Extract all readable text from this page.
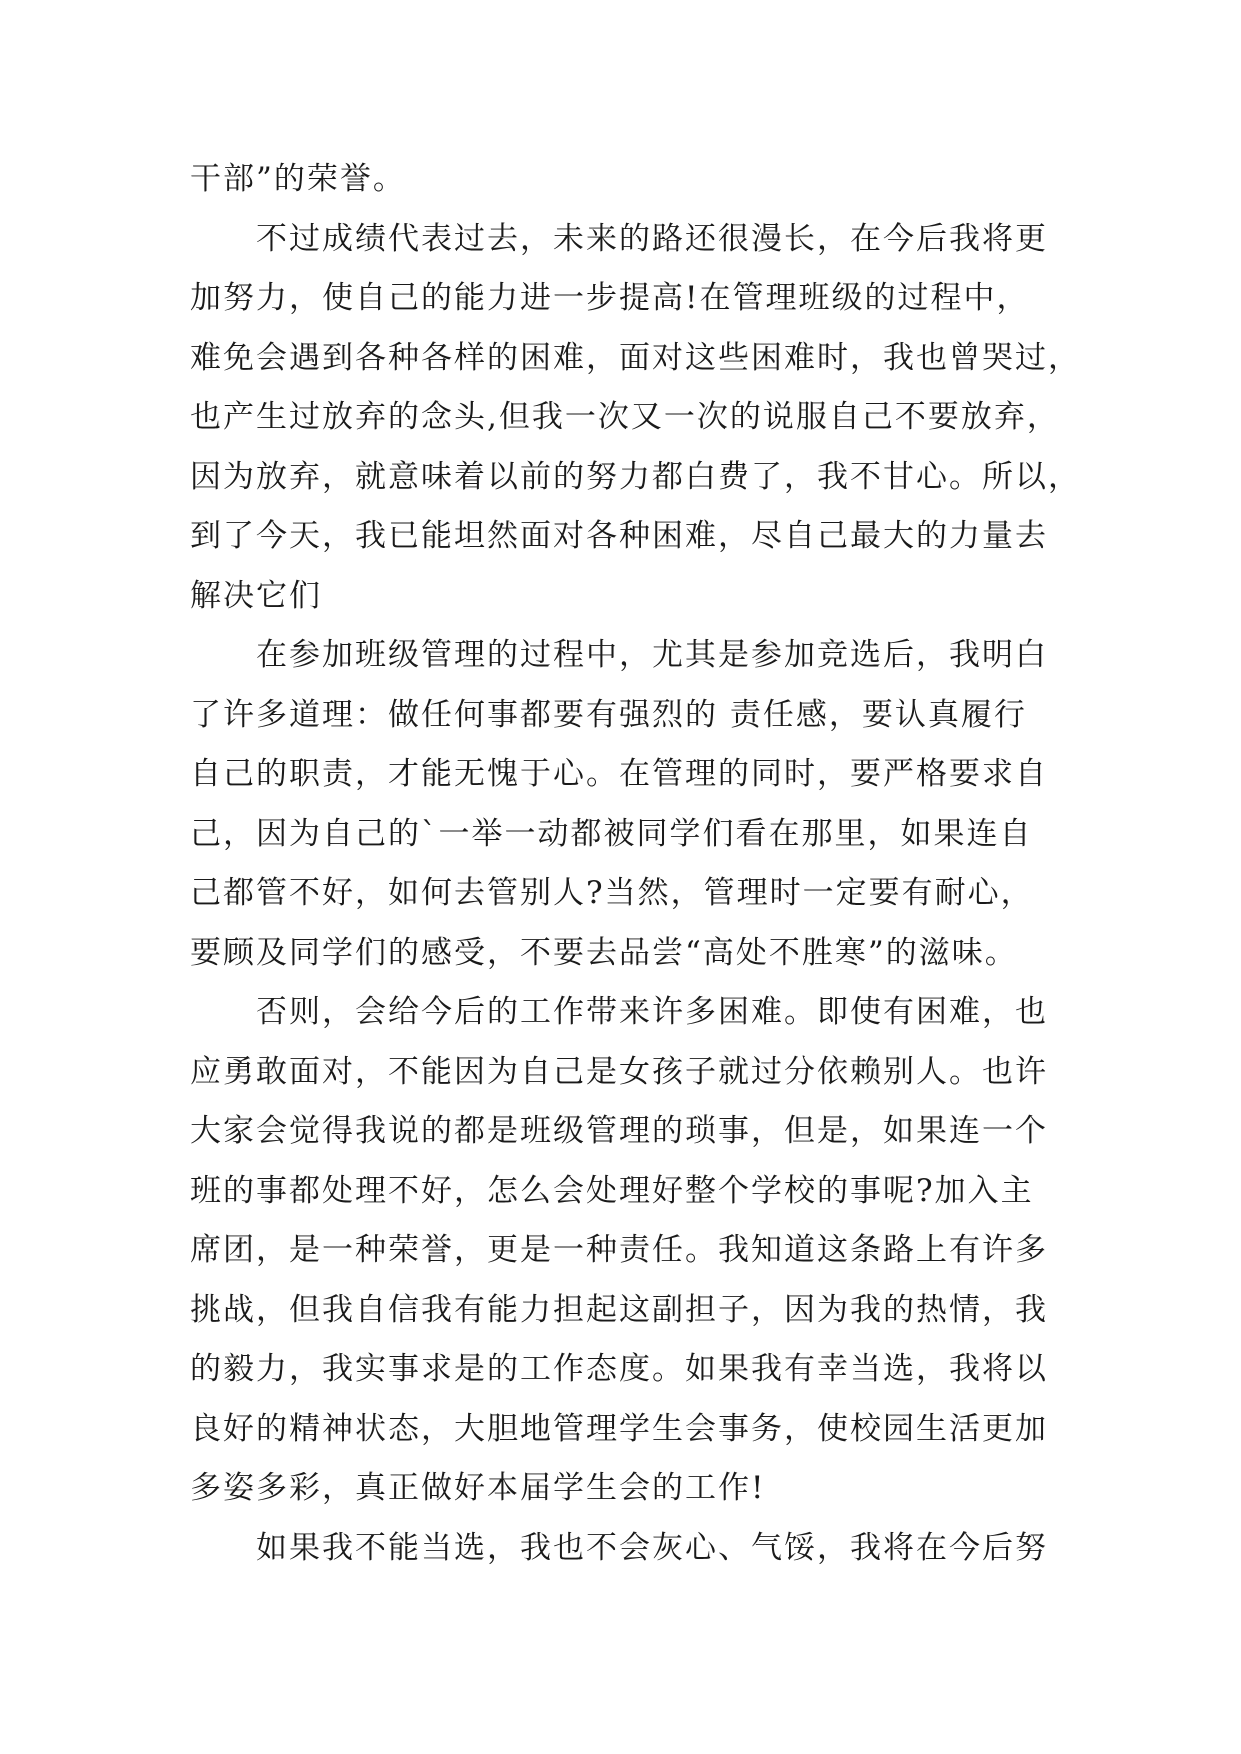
干部”的荣誉。
　　不过成绩代表过去，未来的路还很漫长，在今后我将更
加努力，使自己的能力进一步提高!在管理班级的过程中，
难免会遇到各种各样的困难，面对这些困难时，我也曾哭过，
也产生过放弃的念头,但我一次又一次的说服自己不要放弃，
因为放弃，就意味着以前的努力都白费了，我不甘心。所以，
到了今天，我已能坦然面对各种困难，尽自己最大的力量去
解决它们
　　在参加班级管理的过程中，尤其是参加竞选后，我明白
了许多道理：做任何事都要有强烈的 责任感，要认真履行
自己的职责，才能无愧于心。在管理的同时，要严格要求自
己，因为自己的`一举一动都被同学们看在那里，如果连自
己都管不好，如何去管别人?当然，管理时一定要有耐心，
要顾及同学们的感受，不要去品尝“高处不胜寒”的滋味。
　　否则，会给今后的工作带来许多困难。即使有困难，也
应勇敢面对，不能因为自己是女孩子就过分依赖别人。也许
大家会觉得我说的都是班级管理的琐事，但是，如果连一个
班的事都处理不好，怎么会处理好整个学校的事呢?加入主
席团，是一种荣誉，更是一种责任。我知道这条路上有许多
挑战，但我自信我有能力担起这副担子，因为我的热情，我
的毅力，我实事求是的工作态度。如果我有幸当选，我将以
良好的精神状态，大胆地管理学生会事务，使校园生活更加
多姿多彩，真正做好本届学生会的工作!
　　如果我不能当选，我也不会灰心、气馁，我将在今后努
